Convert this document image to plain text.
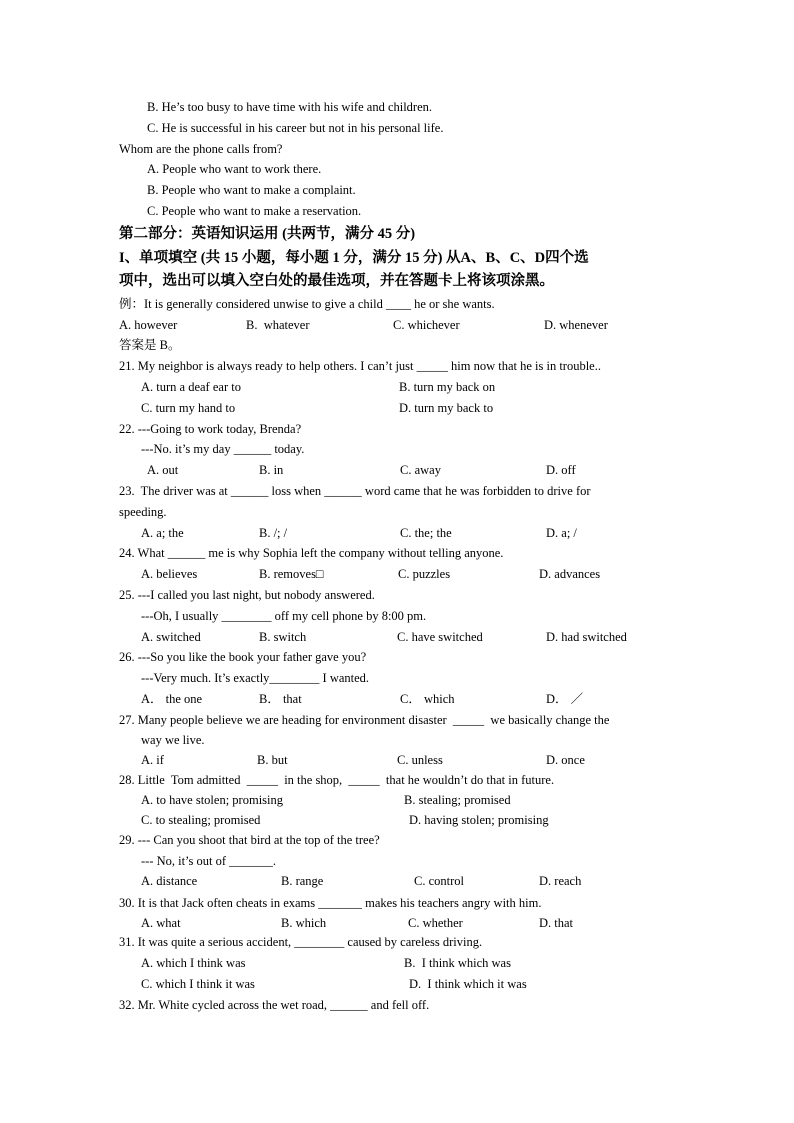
B. He’s too busy to have time with his wife and children.
C. He is successful in his career but not in his personal life.
Whom are the phone calls from?
A. People who want to work there.
B. People who want to make a complaint.
C. People who want to make a reservation.
第二部分：英语知识运用 (共两节，满分 45 分)
I、单项填空 (共 15 小题，每小题 1 分，满分 15 分) 从A、B、C、D四个选
项中，选出可以填入空白处的最佳选项，并在答题卡上将该项涂黑。
例：It is generally considered unwise to give a child ____ he or she wants.
A. however	B.  whatever	C. whichever	D. whenever
答案是 B。
21. My neighbor is always ready to help others. I can’t just _____ him now that he is in trouble..
A. turn a deaf ear to	B. turn my back on
C. turn my hand to	D. turn my back to
22. ---Going to work today, Brenda?
---No. it’s my day ______ today.
A. out	B. in	C. away	D. off
23.  The driver was at ______ loss when ______ word came that he was forbidden to drive for
speeding.
A. a; the	B. /; /	C. the; the	D. a; /
24. What ______ me is why Sophia left the company without telling anyone.
A. believes	B. removes□	C. puzzles	D. advances
25. ---I called you last night, but nobody answered.
---Oh, I usually ________ off my cell phone by 8:00 pm.
A. switched	B. switch	C. have switched	D. had switched
26. ---So you like the book your father gave you?
---Very much. It’s exactly________ I wanted.
A． the one	B． that	C． which	D． ／
27. Many people believe we are heading for environment disaster  _____  we basically change the
way we live.
A. if	B. but	C. unless	D. once
28. Little  Tom admitted  _____  in the shop,  _____  that he wouldn’t do that in future.
A. to have stolen; promising	B. stealing; promised
C. to stealing; promised	D. having stolen; promising
29. --- Can you shoot that bird at the top of the tree?
--- No, it’s out of _______.
A. distance	B. range	C. control	D. reach
30. It is that Jack often cheats in exams _______ makes his teachers angry with him.
A. what	B. which	C. whether	D. that
31. It was quite a serious accident, ________ caused by careless driving.
A. which I think was	B.  I think which was
C. which I think it was	D.  I think which it was
32. Mr. White cycled across the wet road, ______ and fell off.
